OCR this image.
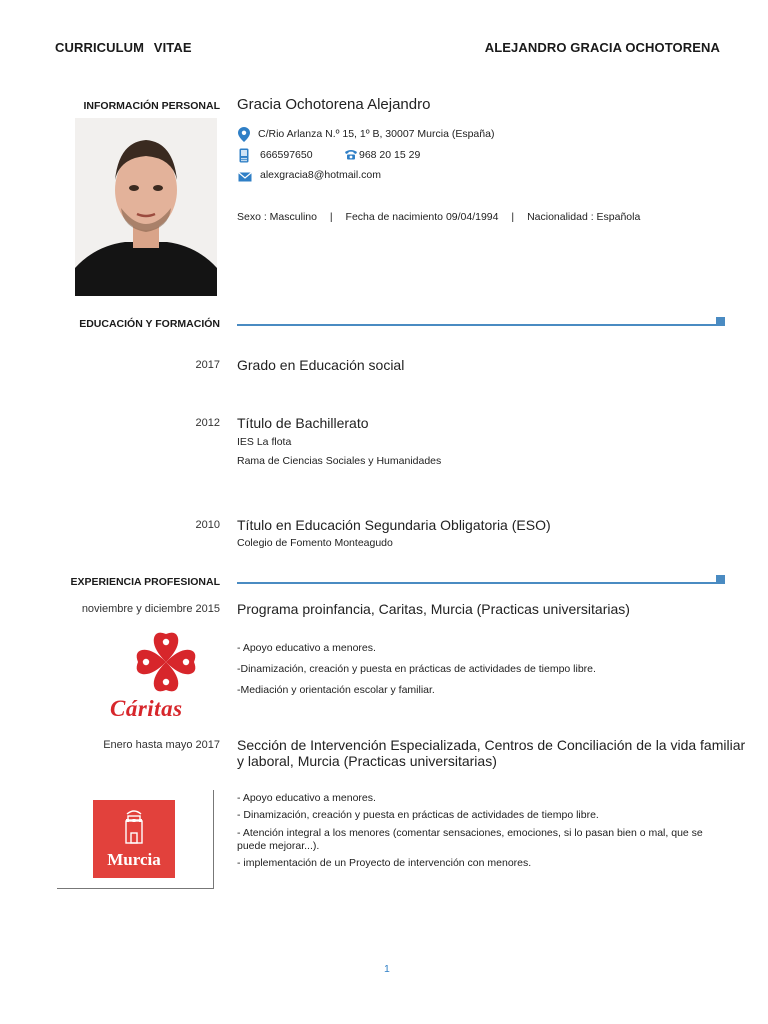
CURRICULUM VITAE	ALEJANDRO GRACIA OCHOTORENA
INFORMACIÓN PERSONAL Gracia Ochotorena Alejandro
C/Rio Arlanza N.º 15, 1º B, 30007 Murcia (España)
666597650	968 20 15 29
alexgracia8@hotmail.com
Sexo : Masculino | Fecha de nacimiento 09/04/1994 | Nacionalidad : Española
EDUCACIÓN Y FORMACIÓN
2017 Grado en Educación social
2012 Título de Bachillerato
IES La flota
Rama de Ciencias Sociales y Humanidades
2010 Título en Educación Segundaria Obligatoria (ESO)
Colegio de Fomento Monteagudo
EXPERIENCIA PROFESIONAL
noviembre y diciembre 2015 Programa proinfancia, Caritas, Murcia (Practicas universitarias)
Cáritas
- Apoyo educativo a menores.
-Dinamización, creación y puesta en prácticas de actividades de tiempo libre.
-Mediación y orientación escolar y familiar.
Enero hasta mayo 2017 Sección de Intervención Especializada, Centros de Conciliación de la vida familiar
y laboral, Murcia (Practicas universitarias)
Murcia
- Apoyo educativo a menores.
- Dinamización, creación y puesta en prácticas de actividades de tiempo libre.
- Atención integral a los menores (comentar sensaciones, emociones, si lo pasan bien o mal, que se
puede mejorar...).
- implementación de un Proyecto de intervención con menores.
1
